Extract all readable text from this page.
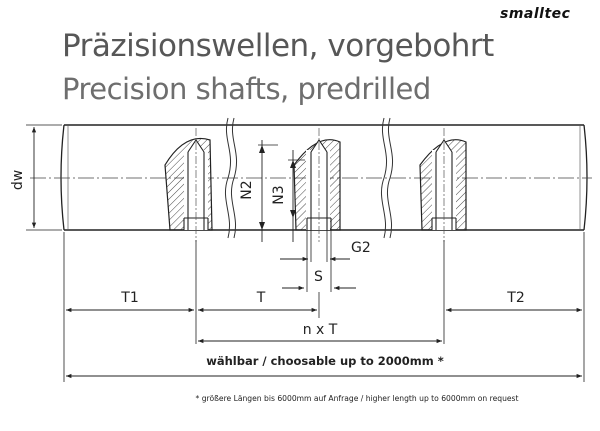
smalltec
Präzisionswellen, vorgebohrt
Precision shafts, predrilled
dw	N2 N3
G2
S
T1	T	T2
n x T
wählbar / choosable up to 2000mm *
* größere Längen bis 6000mm auf Anfrage / higher length up to 6000mm on request
